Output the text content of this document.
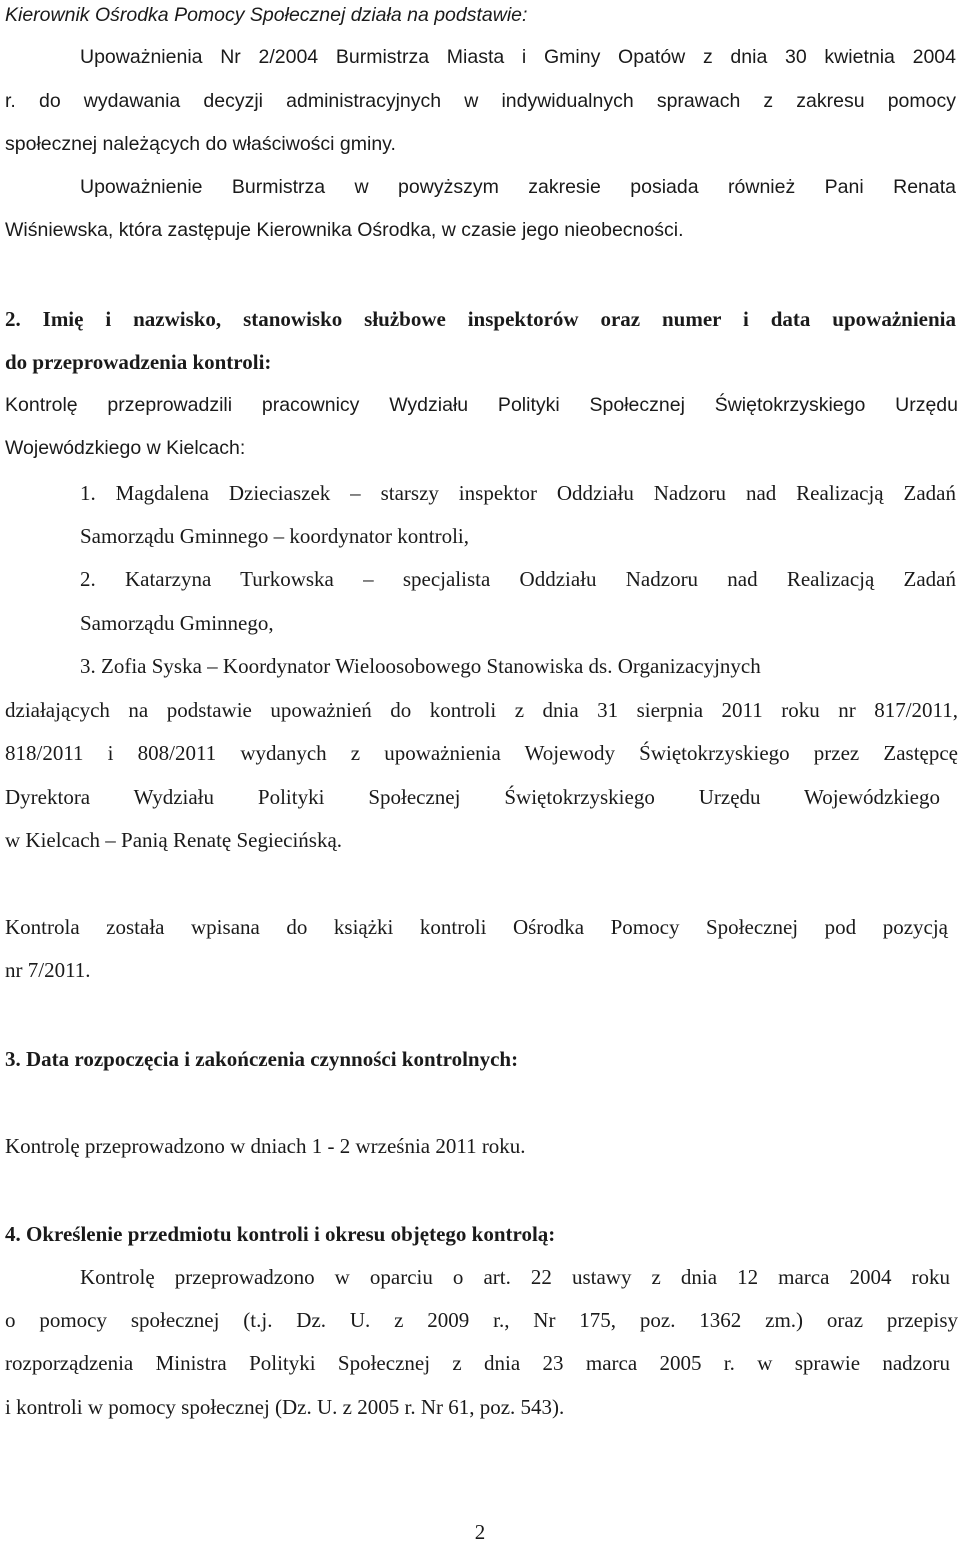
Kierownik Ośrodka Pomocy Społecznej działa na podstawie:
Upoważnienia Nr 2/2004 Burmistrza Miasta i Gminy Opatów z dnia 30 kwietnia 2004
r. do wydawania decyzji administracyjnych w indywidualnych sprawach z zakresu pomocy
społecznej należących do właściwości gminy.
Upoważnienie Burmistrza w powyższym zakresie posiada również Pani Renata
Wiśniewska, która zastępuje Kierownika Ośrodka, w czasie jego nieobecności.
2. Imię i nazwisko, stanowisko służbowe inspektorów oraz numer i data upoważnienia
do przeprowadzenia kontroli:
Kontrolę przeprowadzili pracownicy Wydziału Polityki Społecznej Świętokrzyskiego Urzędu
Wojewódzkiego w Kielcach:
1. Magdalena Dzieciaszek – starszy inspektor Oddziału Nadzoru nad Realizacją Zadań
Samorządu Gminnego – koordynator kontroli,
2. Katarzyna Turkowska – specjalista Oddziału Nadzoru nad Realizacją Zadań
Samorządu Gminnego,
3. Zofia Syska – Koordynator Wieloosobowego Stanowiska ds. Organizacyjnych
działających na podstawie upoważnień do kontroli z dnia 31 sierpnia 2011 roku nr 817/2011,
818/2011 i 808/2011 wydanych z upoważnienia Wojewody Świętokrzyskiego przez Zastępcę
Dyrektora Wydziału Polityki Społecznej Świętokrzyskiego Urzędu Wojewódzkiego
w Kielcach – Panią Renatę Segiecińską.
Kontrola została wpisana do książki kontroli Ośrodka Pomocy Społecznej pod pozycją
nr 7/2011.
3. Data rozpoczęcia i zakończenia czynności kontrolnych:
Kontrolę przeprowadzono w dniach 1 - 2 września 2011 roku.
4. Określenie przedmiotu kontroli i okresu objętego kontrolą:
Kontrolę przeprowadzono w oparciu o art. 22 ustawy z dnia 12 marca 2004 roku
o pomocy społecznej (t.j. Dz. U. z 2009 r., Nr 175, poz. 1362 zm.) oraz przepisy
rozporządzenia Ministra Polityki Społecznej z dnia 23 marca 2005 r. w sprawie nadzoru
i kontroli w pomocy społecznej (Dz. U. z 2005 r. Nr 61, poz. 543).
2
